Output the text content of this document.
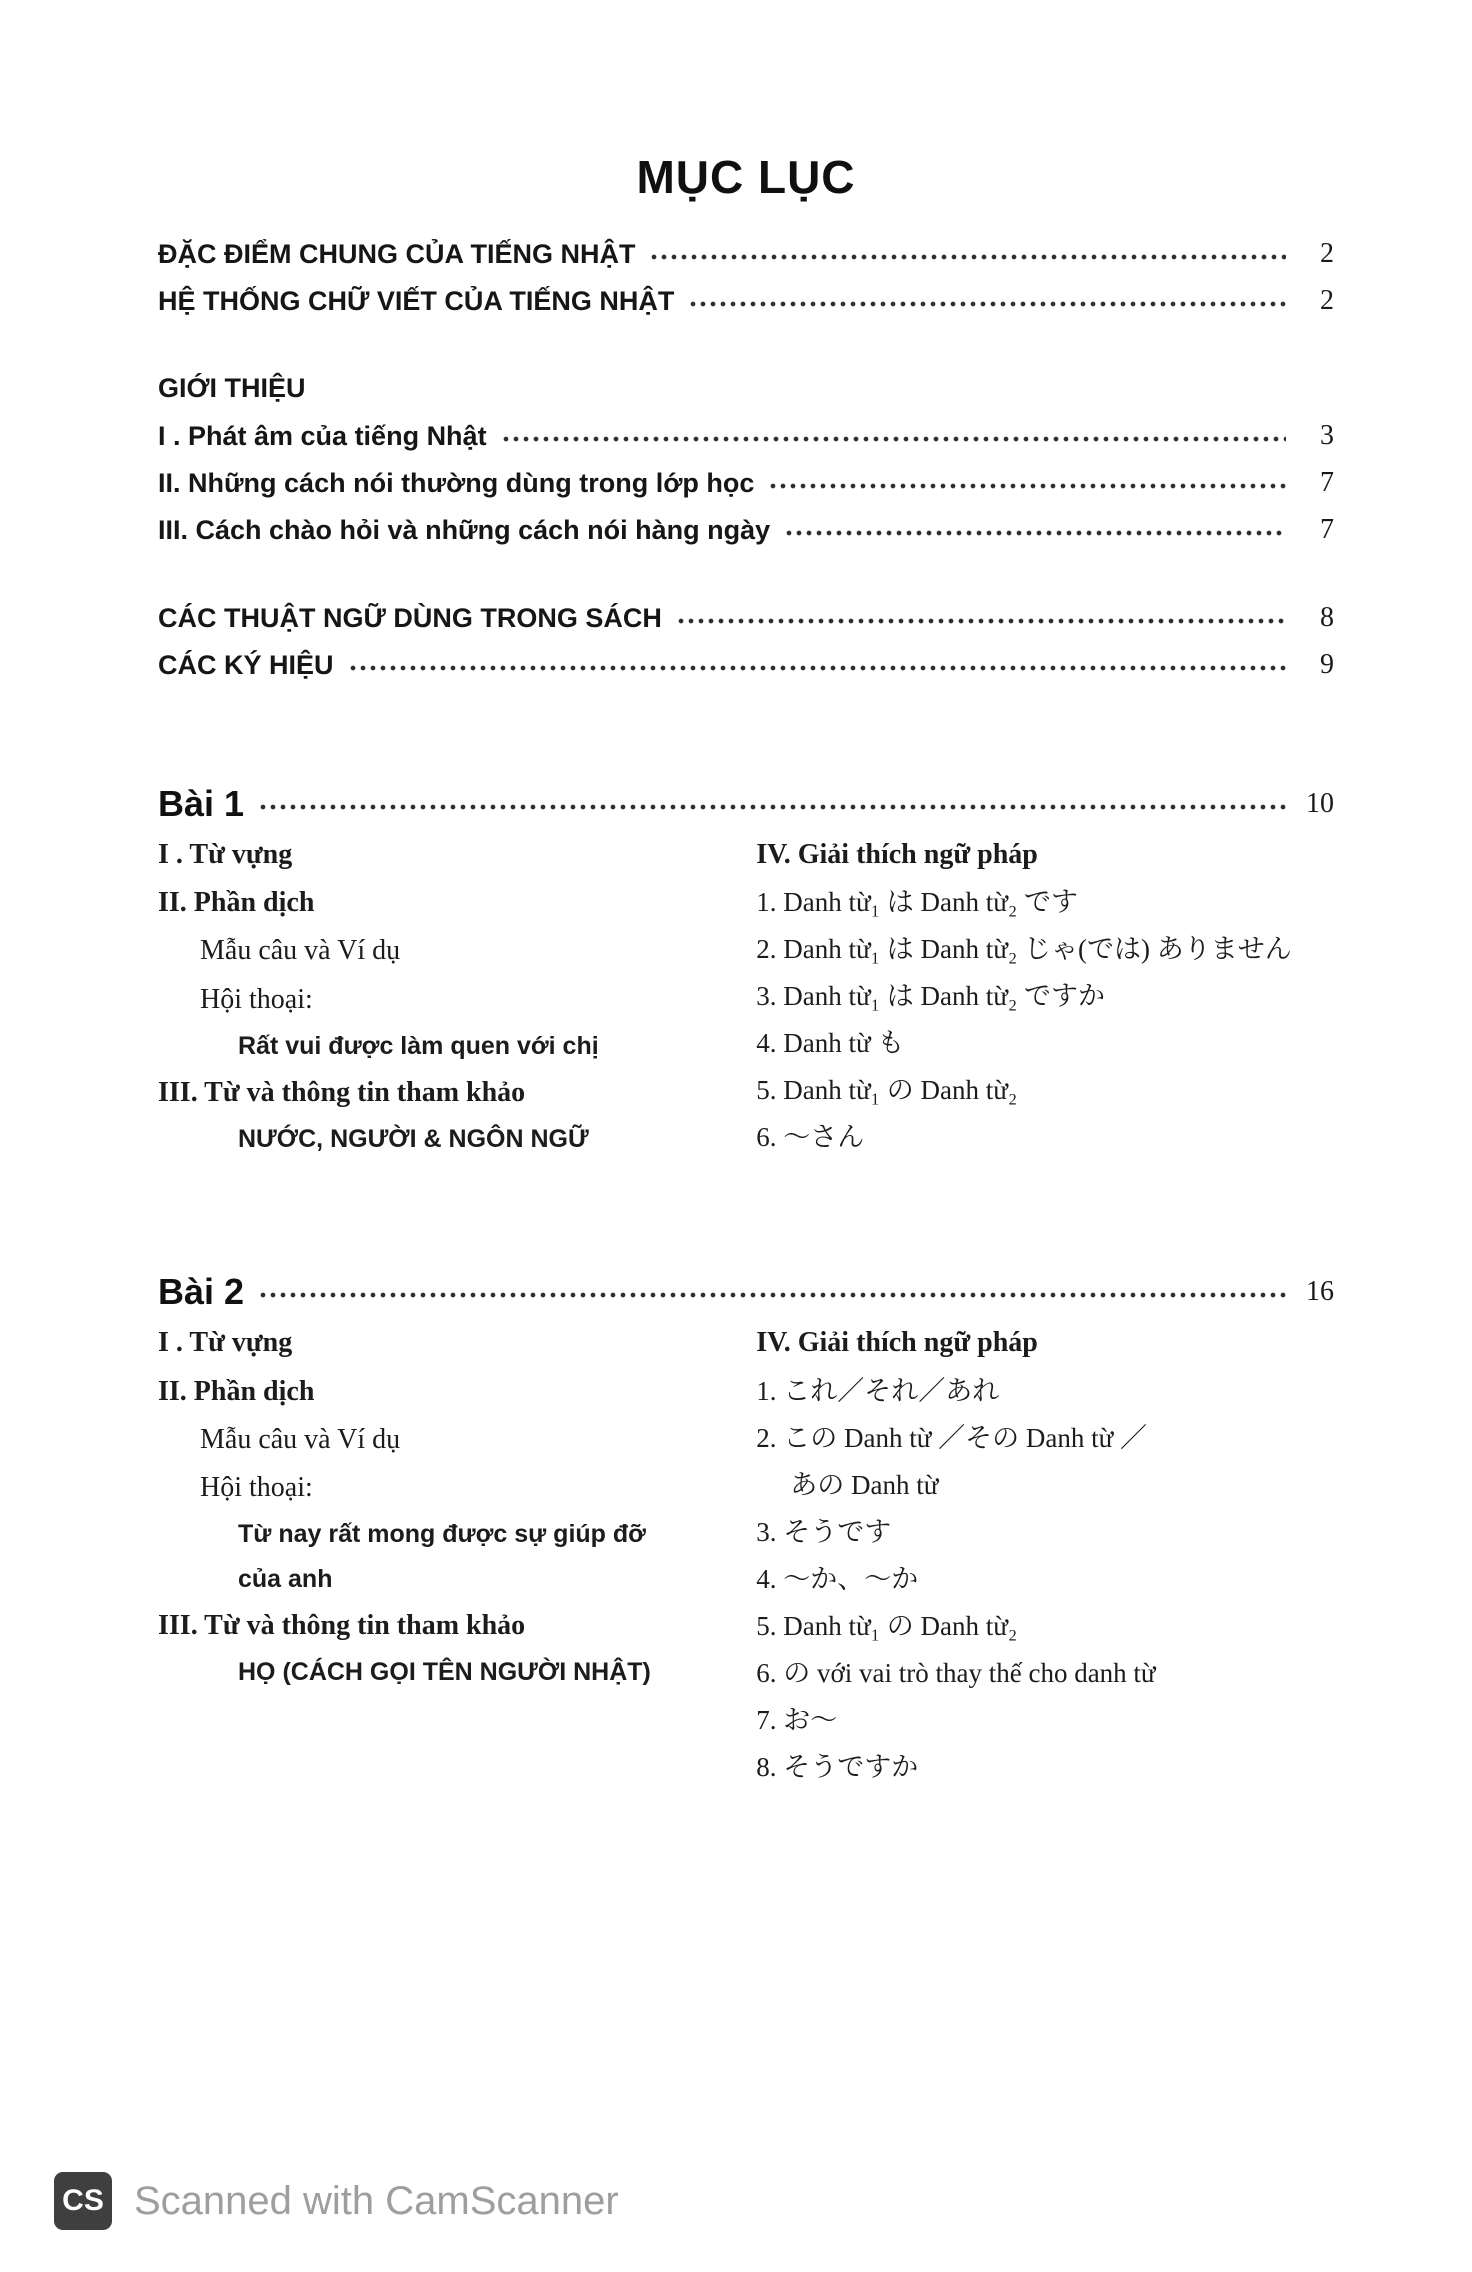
MỤC LỤC
ĐẶC ĐIỂM CHUNG CỦA TIẾNG NHẬT	2
HỆ THỐNG CHỮ VIẾT CỦA TIẾNG NHẬT	2
GIỚI THIỆU
I . Phát âm của tiếng Nhật	3
II. Những cách nói thường dùng trong lớp học	7
III. Cách chào hỏi và những cách nói hàng ngày	7
CÁC THUẬT NGỮ DÙNG TRONG SÁCH	8
CÁC KÝ HIỆU	9
Bài 1	10
I . Từ vựng
II. Phần dịch
Mẫu câu và Ví dụ
Hội thoại:
Rất vui được làm quen với chị
III. Từ và thông tin tham khảo
NƯỚC, NGƯỜI & NGÔN NGỮ
IV. Giải thích ngữ pháp
1. Danh từ₁ は Danh từ₂ です
2. Danh từ₁ は Danh từ₂ じゃ(では) ありません
3. Danh từ₁ は Danh từ₂ ですか
4. Danh từ も
5. Danh từ₁ の Danh từ₂
6. ～さん
Bài 2	16
I . Từ vựng
II. Phần dịch
Mẫu câu và Ví dụ
Hội thoại:
Từ nay rất mong được sự giúp đỡ
của anh
III. Từ và thông tin tham khảo
HỌ (CÁCH GỌI TÊN NGƯỜI NHẬT)
IV. Giải thích ngữ pháp
1. これ／それ／あれ
2. この Danh từ ／その Danh từ ／
あの Danh từ
3. そうです
4. ～か、～か
5. Danh từ₁ の Danh từ₂
6. の với vai trò thay thế cho danh từ
7. お～
8. そうですか
CS Scanned with CamScanner
